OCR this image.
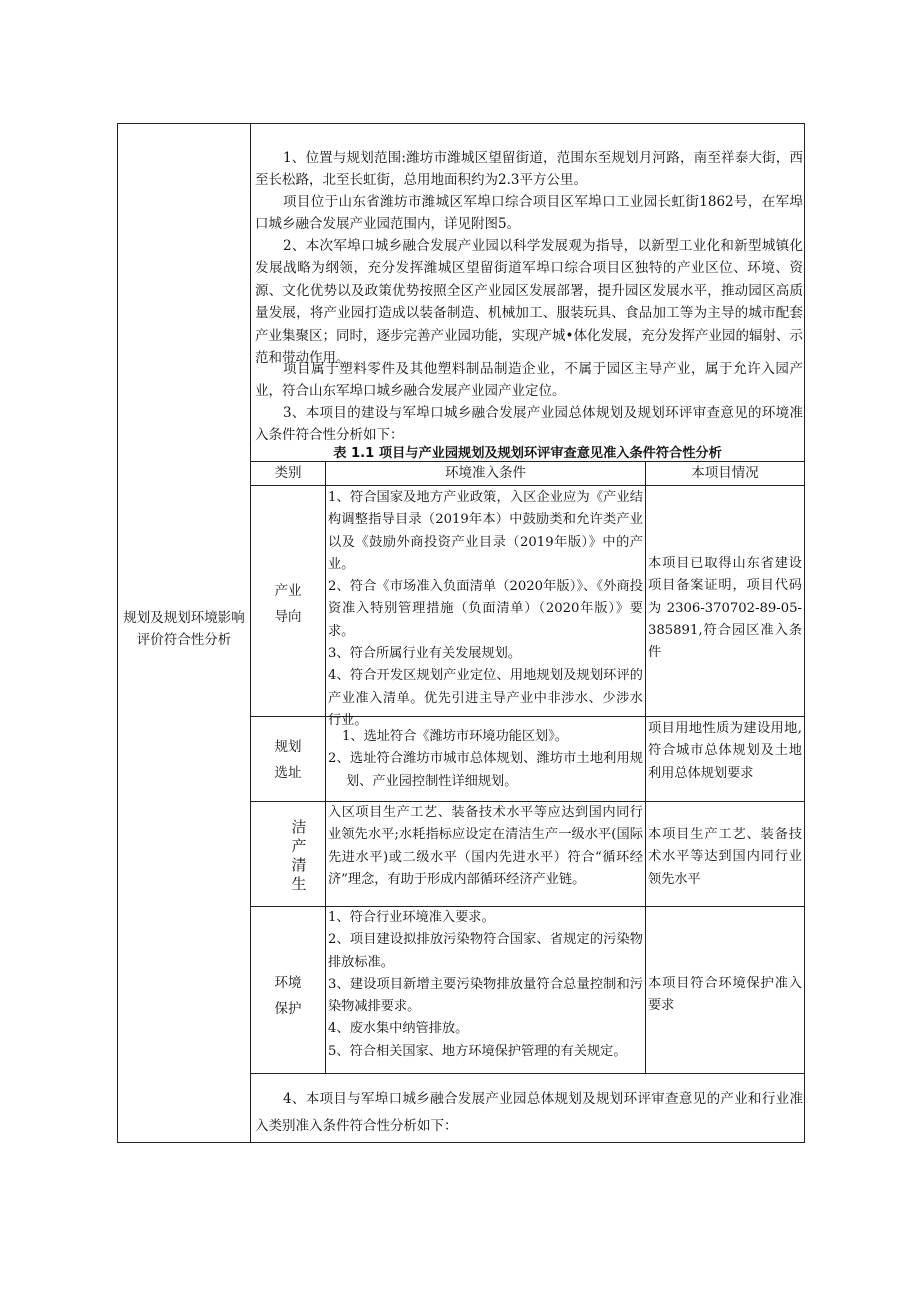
规划及规划环境影响评价符合性分析

1、位置与规划范围:潍坊市潍城区望留街道，范围东至规划月河路，南至祥泰大街，西至长松路，北至长虹街，总用地面积约为2.3平方公里。

项目位于山东省潍坊市潍城区军埠口综合项目区军埠口工业园长虹街1862号，在军埠口城乡融合发展产业园范围内，详见附图5。

2、本次军埠口城乡融合发展产业园以科学发展观为指导，以新型工业化和新型城镇化发展战略为纲领，充分发挥潍城区望留街道军埠口综合项目区独特的产业区位、环境、资源、文化优势以及政策优势按照全区产业园区发展部署，提升园区发展水平，推动园区高质量发展，将产业园打造成以装备制造、机械加工、服装玩具、食品加工等为主导的城市配套产业集聚区；同时，逐步完善产业园功能，实现产城•体化发展，充分发挥产业园的辐射、示范和带动作用。

项目属于塑料零件及其他塑料制品制造企业，不属于园区主导产业，属于允许入园产业，符合山东军埠口城乡融合发展产业园产业定位。

3、本项目的建设与军埠口城乡融合发展产业园总体规划及规划环评审查意见的环境准入条件符合性分析如下：

表 1.1 项目与产业园规划及规划环评审查意见准入条件符合性分析
类别	环境准入条件	本项目情况
产业导向
1、符合国家及地方产业政策，入区企业应为《产业结构调整指导目录（2019年本）中鼓励类和允许类产业以及《鼓励外商投资产业目录（2019年版）》中的产业。
2、符合《市场准入负面清单（2020年版）》、《外商投资准入特别管理措施（负面清单）（2020年版）》要求。
3、符合所属行业有关发展规划。
4、符合开发区规划产业定位、用地规划及规划环评的产业准入清单。优先引进主导产业中非涉水、少涉水行业。
本项目已取得山东省建设项目备案证明，项目代码为 2306-370702-89-05-385891,符合园区准入条件
规划选址
1、选址符合《潍坊市环境功能区划》。
2、选址符合潍坊市城市总体规划、潍坊市土地利用规划、产业园控制性详细规划。
项目用地性质为建设用地,符合城市总体规划及土地利用总体规划要求
洁产清生
入区项目生产工艺、装备技术水平等应达到国内同行业领先水平;水耗指标应设定在清洁生产一级水平(国际先进水平)或二级水平（国内先进水平）符合“循环经济”理念，有助于形成内部循环经济产业链。
本项目生产工艺、装备技术水平等达到国内同行业领先水平
环境保护
1、符合行业环境准入要求。
2、项目建设拟排放污染物符合国家、省规定的污染物排放标准。
3、建设项目新增主要污染物排放量符合总量控制和污染物减排要求。
4、废水集中纳管排放。
5、符合相关国家、地方环境保护管理的有关规定。
本项目符合环境保护准入要求

4、本项目与军埠口城乡融合发展产业园总体规划及规划环评审查意见的产业和行业准入类别准入条件符合性分析如下：
